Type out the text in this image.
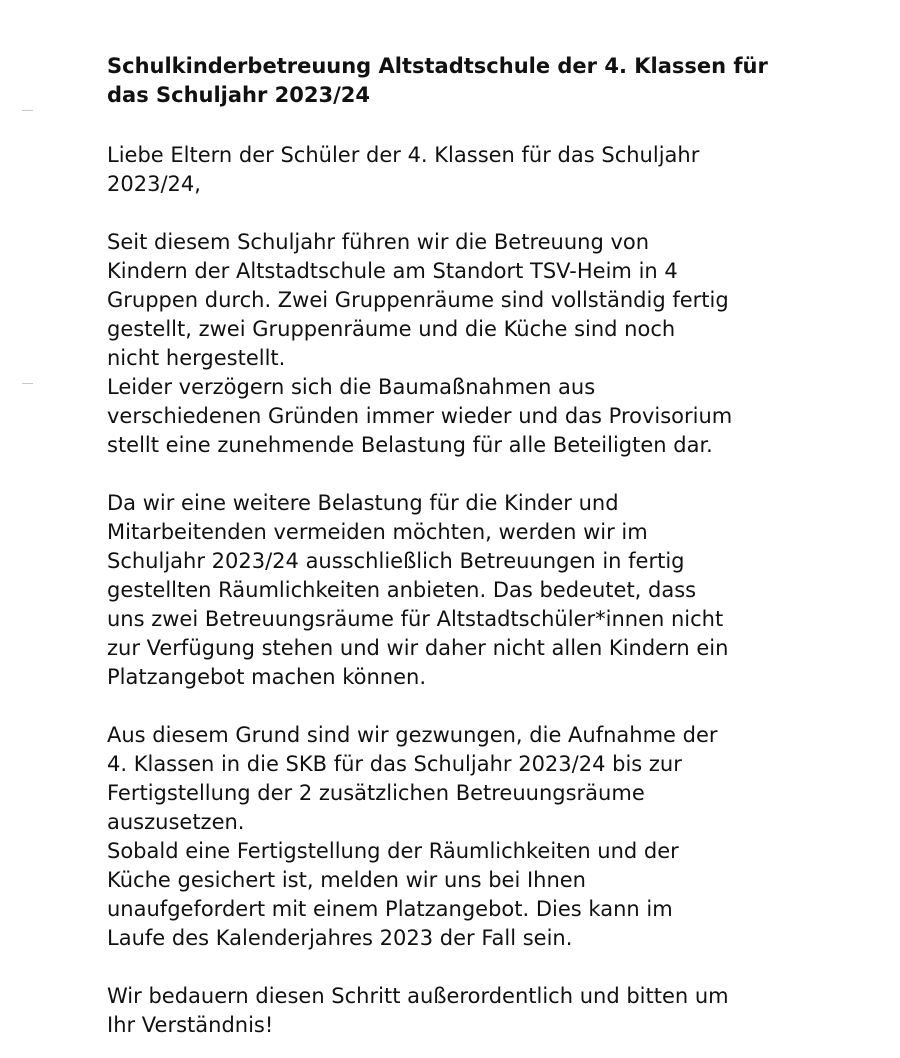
Schulkinderbetreuung Altstadtschule der 4. Klassen für
das Schuljahr 2023/24

Liebe Eltern der Schüler der 4. Klassen für das Schuljahr
2023/24,

Seit diesem Schuljahr führen wir die Betreuung von
Kindern der Altstadtschule am Standort TSV-Heim in 4
Gruppen durch. Zwei Gruppenräume sind vollständig fertig
gestellt, zwei Gruppenräume und die Küche sind noch
nicht hergestellt.
Leider verzögern sich die Baumaßnahmen aus
verschiedenen Gründen immer wieder und das Provisorium
stellt eine zunehmende Belastung für alle Beteiligten dar.

Da wir eine weitere Belastung für die Kinder und
Mitarbeitenden vermeiden möchten, werden wir im
Schuljahr 2023/24 ausschließlich Betreuungen in fertig
gestellten Räumlichkeiten anbieten. Das bedeutet, dass
uns zwei Betreuungsräume für Altstadtschüler*innen nicht
zur Verfügung stehen und wir daher nicht allen Kindern ein
Platzangebot machen können.

Aus diesem Grund sind wir gezwungen, die Aufnahme der
4. Klassen in die SKB für das Schuljahr 2023/24 bis zur
Fertigstellung der 2 zusätzlichen Betreuungsräume
auszusetzen.
Sobald eine Fertigstellung der Räumlichkeiten und der
Küche gesichert ist, melden wir uns bei Ihnen
unaufgefordert mit einem Platzangebot. Dies kann im
Laufe des Kalenderjahres 2023 der Fall sein.

Wir bedauern diesen Schritt außerordentlich und bitten um
Ihr Verständnis!
